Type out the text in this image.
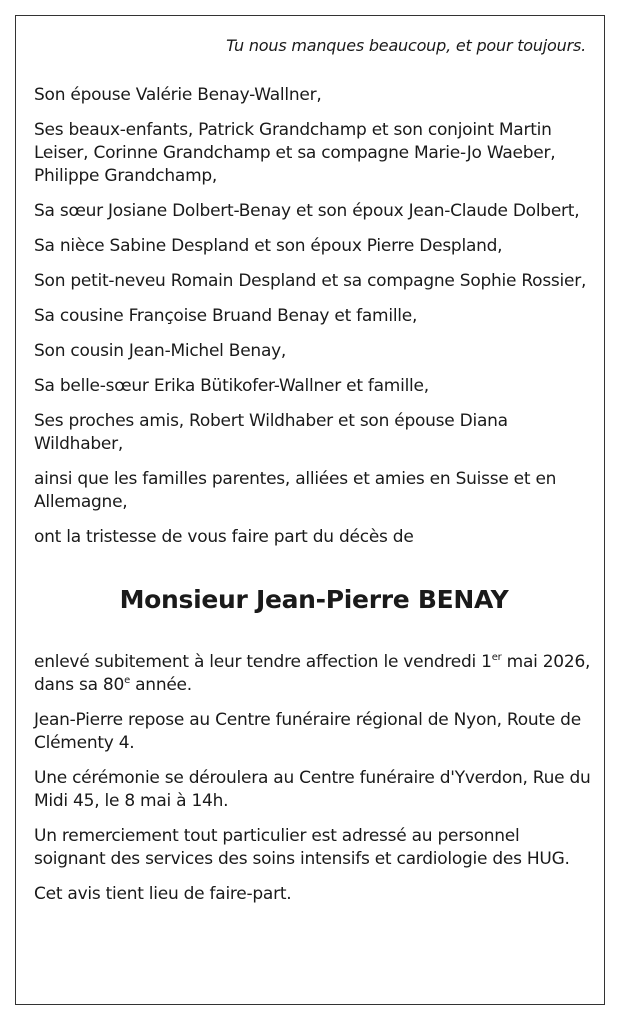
Tu nous manques beaucoup, et pour toujours.

Son épouse Valérie Benay-Wallner,

Ses beaux-enfants, Patrick Grandchamp et son conjoint Martin Leiser, Corinne Grandchamp et sa compagne Marie-Jo Waeber, Philippe Grandchamp,

Sa sœur Josiane Dolbert-Benay et son époux Jean-Claude Dolbert,

Sa nièce Sabine Despland et son époux Pierre Despland,

Son petit-neveu Romain Despland et sa compagne Sophie Rossier,

Sa cousine Françoise Bruand Benay et famille,

Son cousin Jean-Michel Benay,

Sa belle-sœur Erika Bütikofer-Wallner et famille,

Ses proches amis, Robert Wildhaber et son épouse Diana Wildhaber,

ainsi que les familles parentes, alliées et amies en Suisse et en Allemagne,

ont la tristesse de vous faire part du décès de

Monsieur Jean-Pierre BENAY

enlevé subitement à leur tendre affection le vendredi 1er mai 2026, dans sa 80e année.

Jean-Pierre repose au Centre funéraire régional de Nyon, Route de Clémenty 4.

Une cérémonie se déroulera au Centre funéraire d'Yverdon, Rue du Midi 45, le 8 mai à 14h.

Un remerciement tout particulier est adressé au personnel soignant des services des soins intensifs et cardiologie des HUG.

Cet avis tient lieu de faire-part.
